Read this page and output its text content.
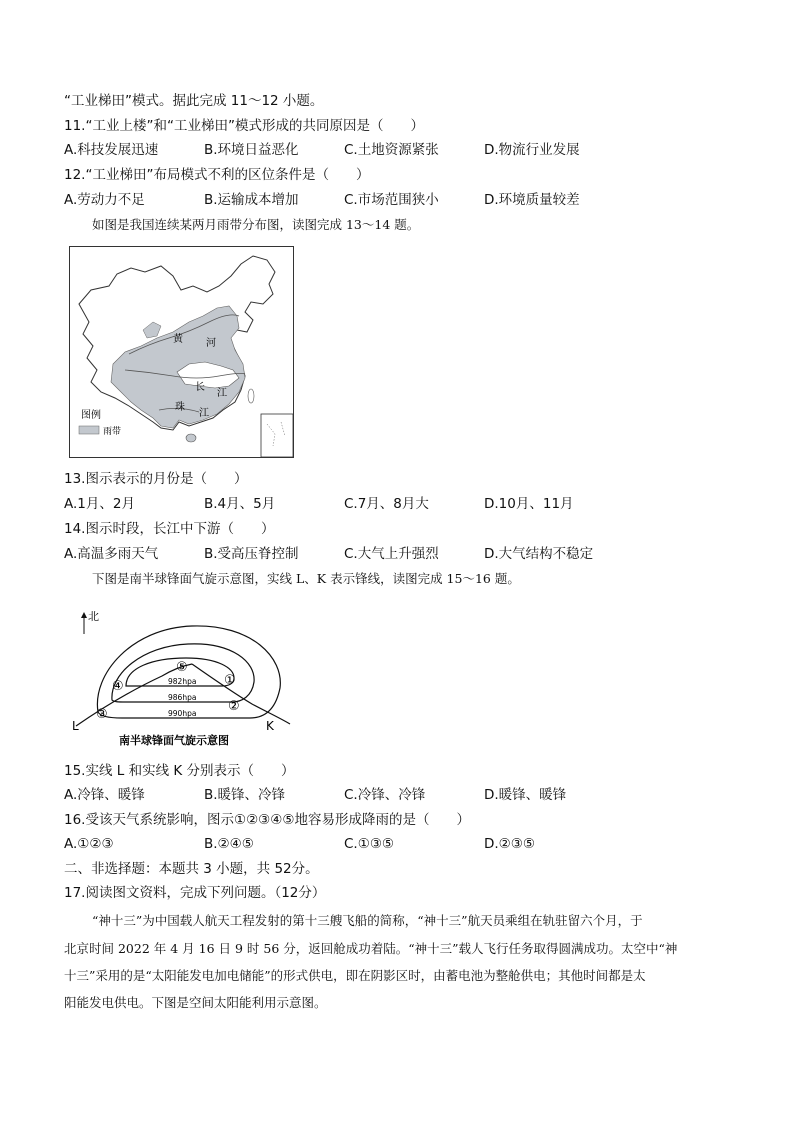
“工业梯田”模式。据此完成 11～12 小题。
11.“工业上楼”和“工业梯田”模式形成的共同原因是（　　）
A.科技发展迅速	B.环境日益恶化	C.土地资源紧张	D.物流行业发展
12.“工业梯田”布局模式不利的区位条件是（　　）
A.劳动力不足	B.运输成本增加	C.市场范围狭小	D.环境质量较差
如图是我国连续某两月雨带分布图，读图完成 13～14 题。
黄 河
长
江
珠
江
图例
雨带
13.图示表示的月份是（　　）
A.1月、2月	B.4月、5月	C.7月、8月大	D.10月、11月
14.图示时段，长江中下游（　　）
A.高温多雨天气	B.受高压脊控制	C.大气上升强烈	D.大气结构不稳定
下图是南半球锋面气旋示意图，实线 L、K 表示锋线，读图完成 15～16 题。
北
982hpa
986hpa
990hpa
①
②
③
④
⑤
L	K
南半球锋面气旋示意图
15.实线 L 和实线 K 分别表示（　　）
A.冷锋、暖锋	B.暖锋、冷锋	C.冷锋、冷锋	D.暖锋、暖锋
16.受该天气系统影响，图示①②③④⑤地容易形成降雨的是（　　）
A.①②③	B.②④⑤	C.①③⑤	D.②③⑤
二、非选择题：本题共 3 小题，共 52分。
17.阅读图文资料，完成下列问题。（12分）
“神十三”为中国载人航天工程发射的第十三艘飞船的简称，“神十三”航天员乘组在轨驻留六个月，于
北京时间 2022 年 4 月 16 日 9 时 56 分，返回舱成功着陆。“神十三”载人飞行任务取得圆满成功。太空中“神
十三”采用的是“太阳能发电加电储能”的形式供电，即在阴影区时，由蓄电池为整舱供电；其他时间都是太
阳能发电供电。下图是空间太阳能利用示意图。
